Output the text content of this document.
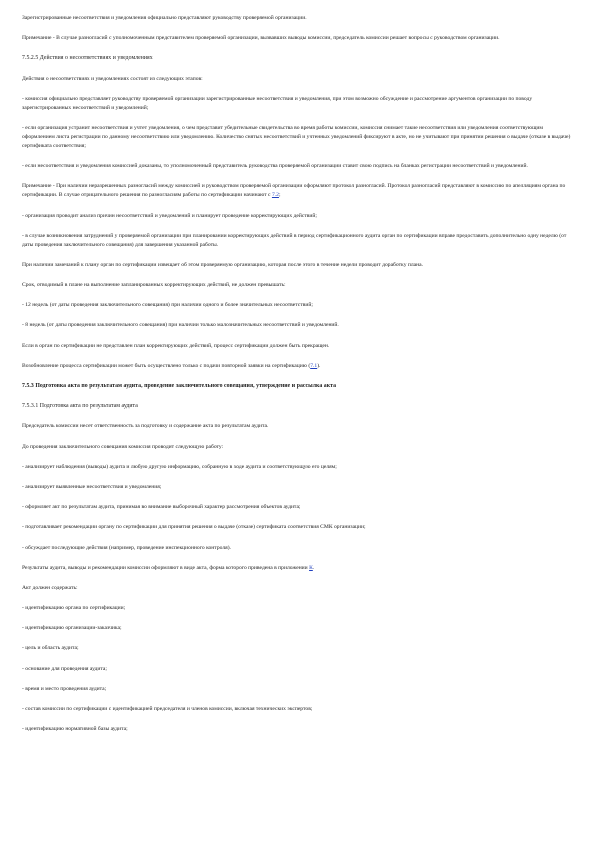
Зарегистрированные несоответствия и уведомления официально представляют руководству проверяемой организации.

Примечание - В случае разногласий с уполномоченным представителем проверяемой организации, вызвавших выводы комиссии, председатель комиссии решает вопросы с руководством организации.

7.5.2.5 Действия о несоответствиях и уведомлениях

Действия о несоответствиях и уведомлениях состоят из следующих этапов:

- комиссия официально представляет руководству проверяемой организации зарегистрированные несоответствия и уведомления, при этом возможно обсуждение и рассмотрение аргументов организации по поводу зарегистрированных несоответствий и уведомлений;

- если организация устранит несоответствия и учтет уведомления, о чем представит убедительные свидетельства во время работы комиссии, комиссия снимает такие несоответствия или уведомления соответствующим оформлением листа регистрации по данному несоответствию или уведомлению. Количество снятых несоответствий и учтенных уведомлений фиксируют в акте, но не учитывают при принятии решения о выдаче (отказе в выдаче) сертификата соответствия;

- если несоответствия и уведомления комиссией доказаны, то уполномоченный представитель руководства проверяемой организации ставит свою подпись на бланках регистрации несоответствий и уведомлений.

Примечание - При наличии неразрешенных разногласий между комиссией и руководством проверяемой организации оформляют протокол разногласий. Протокол разногласий представляют в комиссию по апелляциям органа по сертификации. В случае отрицательного решения по разногласиям работы по сертификации начинают с 7.2;

- организация проводит анализ причин несоответствий и уведомлений и планирует проведение корректирующих действий;

- в случае возникновения затруднений у проверяемой организации при планировании корректирующих действий в период сертификационного аудита орган по сертификации вправе предоставить дополнительно одну неделю (от даты проведения заключительного совещания) для завершения указанной работы.

При наличии замечаний к плану орган по сертификации извещает об этом проверяемую организацию, которая после этого в течение недели проводит доработку плана.

Срок, отводимый в плане на выполнение запланированных корректирующих действий, не должен превышать:

- 12 недель (от даты проведения заключительного совещания) при наличии одного и более значительных несоответствий;

- 8 недель (от даты проведения заключительного совещания) при наличии только малозначительных несоответствий и уведомлений.

Если в орган по сертификации не представлен план корректирующих действий, процесс сертификации должен быть прекращен.

Возобновление процесса сертификации может быть осуществлено только с подачи повторной заявки на сертификацию (7.1).

7.5.3 Подготовка акта по результатам аудита, проведение заключительного совещания, утверждение и рассылка акта

7.5.3.1 Подготовка акта по результатам аудита

Председатель комиссии несет ответственность за подготовку и содержание акта по результатам аудита.

До проведения заключительного совещания комиссия проводит следующую работу:

- анализирует наблюдения (выводы) аудита и любую другую информацию, собранную в ходе аудита и соответствующую его целям;

- анализирует выявленные несоответствия и уведомления;

- оформляет акт по результатам аудита, принимая во внимание выборочный характер рассмотрения объектов аудита;

- подготавливает рекомендации органу по сертификации для принятия решения о выдаче (отказе) сертификата соответствия СМК организации;

- обсуждает последующие действия (например, проведение инспекционного контроля).

Результаты аудита, выводы и рекомендации комиссии оформляют в виде акта, форма которого приведена в приложении К.

Акт должен содержать:

- идентификацию органа по сертификации;

- идентификацию организации-заказчика;

- цель и область аудита;

- основание для проведения аудита;

- время и место проведения аудита;

- состав комиссии по сертификации с идентификацией председателя и членов комиссии, включая технических экспертов;

- идентификацию нормативной базы аудита;
